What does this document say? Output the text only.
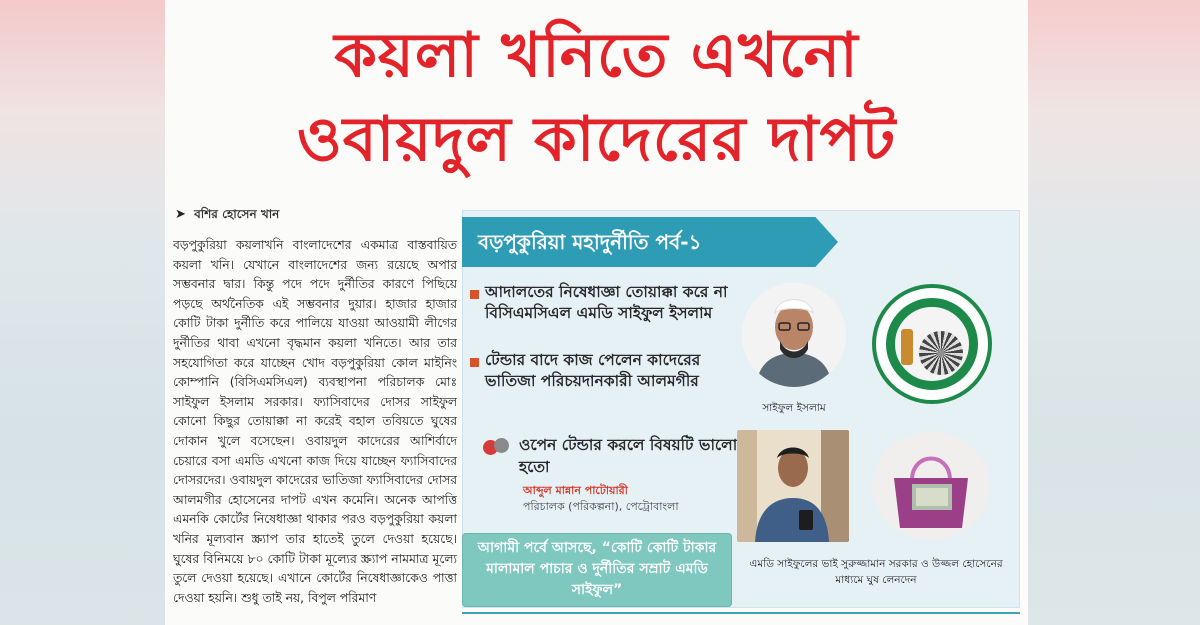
কয়লা খনিতে এখনো
ওবায়দুল কাদেরের দাপট
➤ বশির হোসেন খান
বড়পুকুরিয়া কয়লাখনি বাংলাদেশের একমাত্র বাস্তবায়িত কয়লা খনি। যেখানে বাংলাদেশের জন্য রয়েছে অপার সম্ভবনার দ্বার। কিন্তু পদে পদে দুর্নীতির কারণে পিছিয়ে পড়ছে অর্থনৈতিক এই সম্ভবনার দুয়ার। হাজার হাজার কোটি টাকা দুর্নীতি করে পালিয়ে যাওয়া আওয়ামী লীগের দুর্নীতির থাবা এখনো বৃদ্ধমান কয়লা খনিতে। আর তার সহযোগিতা করে যাচ্ছেন খোদ বড়পুকুরিয়া কোল মাইনিং কোম্পানি (বিসিএমসিএল) ব্যবস্থাপনা পরিচালক মোঃ সাইফুল ইসলাম সরকার। ফ্যাসিবাদের দোসর সাইফুল কোনো কিছুর তোয়াক্কা না করেই বহাল তবিয়তে ঘুষের দোকান খুলে বসেছেন। ওবায়দুল কাদেরের আশির্বাদে চেয়ারে বসা এমডি এখনো কাজ দিয়ে যাচ্ছেন ফ্যাসিবাদের দোসরদের। ওবায়দুল কাদেরের ভাতিজা ফ্যাসিবাদের দোসর আলমগীর হোসেনের দাপট এখন কমেনি। অনেক আপত্তি এমনকি কোর্টের নিষেধাজ্ঞা থাকার পরও বড়পুকুরিয়া কয়লা খনির মূল্যবান স্ক্র্যাপ তার হাতেই তুলে দেওয়া হয়েছে। ঘুষের বিনিময়ে ৮০ কোটি টাকা মূল্যের স্ক্র্যাপ নামমাত্র মূল্যে তুলে দেওয়া হয়েছে। এখানে কোর্টের নিষেধাজ্ঞাকেও পাত্তা দেওয়া হয়নি। শুধু তাই নয়, বিপুল পরিমাণ
বড়পুকুরিয়া মহাদুর্নীতি পর্ব-১
আদালতের নিষেধাজ্ঞা তোয়াক্কা করে না বিসিএমসিএল এমডি সাইফুল ইসলাম
টেন্ডার বাদে কাজ পেলেন কাদেরের ভাতিজা পরিচয়দানকারী আলমগীর
ওপেন টেন্ডার করলে বিষয়টি ভালো হতো
আব্দুল মান্নান পাটোয়ারী
পরিচালক (পরিকল্পনা), পেট্রোবাংলা
আগামী পর্বে আসছে, “কোটি কোটি টাকার মালামাল পাচার ও দুর্নীতির সম্রাট এমডি সাইফুল”
সাইফুল ইসলাম
এমডি সাইফুলের ভাই সুরুজ্জামান সরকার ও উজ্জল হোসেনের মাধ্যমে ঘুষ লেনদেন
